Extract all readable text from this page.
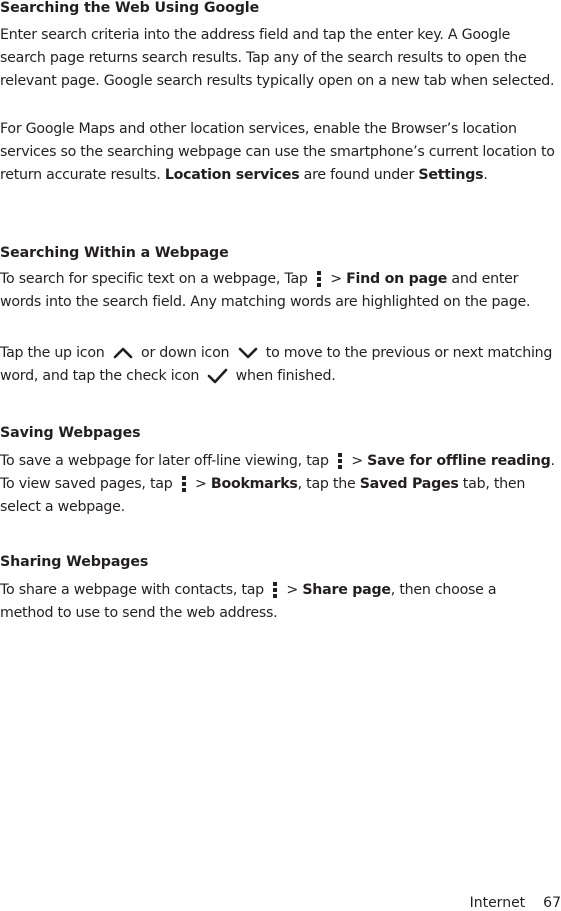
Searching the Web Using Google

Enter search criteria into the address field and tap the enter key. A Google search page returns search results. Tap any of the search results to open the relevant page. Google search results typically open on a new tab when selected.

For Google Maps and other location services, enable the Browser’s location services so the searching webpage can use the smartphone’s current location to return accurate results. Location services are found under Settings.

Searching Within a Webpage

To search for specific text on a webpage, Tap
> Find on page and enter words into the search field. Any matching words are highlighted on the page.

Tap the up icon
or down icon
to move to the previous or next matching word, and tap the check icon
when finished.

Saving Webpages

To save a webpage for later off-line viewing, tap
> Save for offline reading. To view saved pages, tap
> Bookmarks, tap the Saved Pages tab, then select a webpage.

Sharing Webpages

To share a webpage with contacts, tap
> Share page, then choose a method to use to send the web address.

Internet 67
